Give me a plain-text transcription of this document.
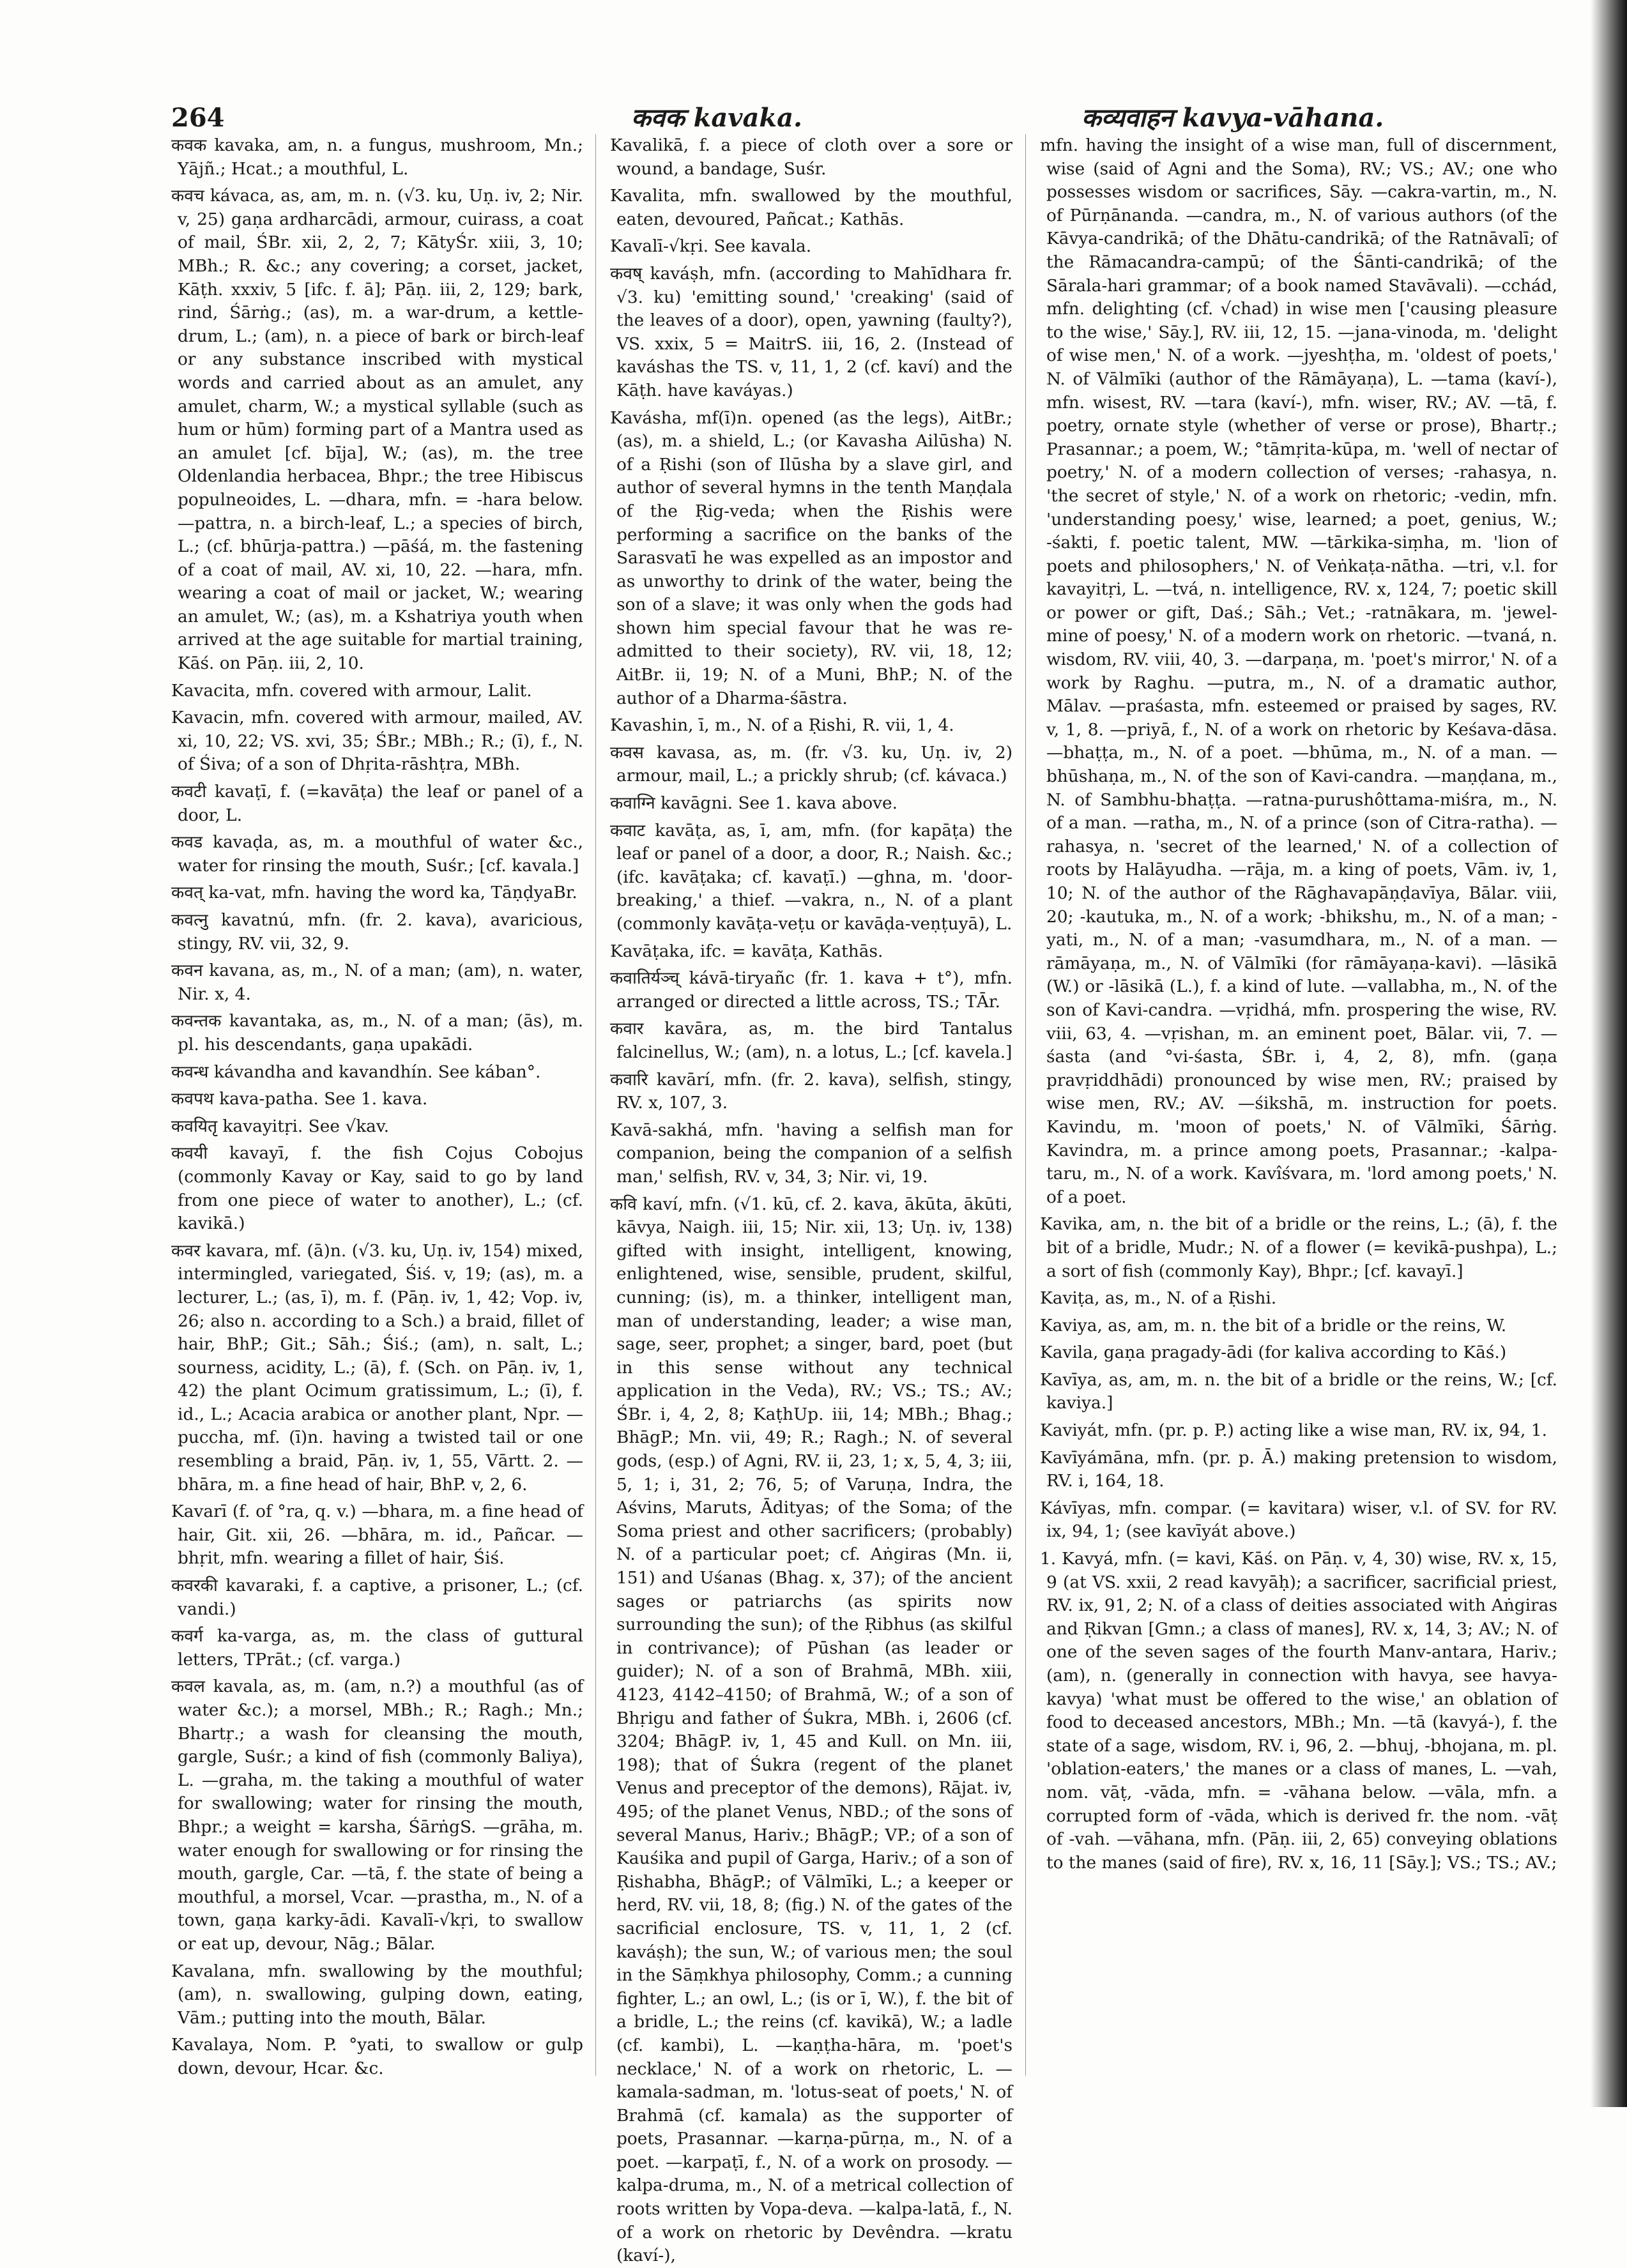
264	कवक kavaka.	कव्यवाहन kavya-vāhana.

कवक kavaka, am, n. a fungus, mushroom, Mn.; Yājñ.; Hcat.; a mouthful, L.

कवच kávaca, as, am, m. n. (√3. ku, Uṇ. iv, 2; Nir. v, 25) gaṇa ardharcādi, armour, cuirass, a coat of mail, ŚBr. xii, 2, 2, 7; KātyŚr. xiii, 3, 10; MBh.; R. &c.; any covering; a corset, jacket, Kāṭh. xxxiv, 5 [ifc. f. ā]; Pāṇ. iii, 2, 129; bark, rind, Śārṅg.; (as), m. a war-drum, a kettle-drum, L.; (am), n. a piece of bark or birch-leaf or any substance inscribed with mystical words and carried about as an amulet, any amulet, charm, W.; a mystical syllable (such as hum or hūm) forming part of a Mantra used as an amulet [cf. bīja], W.; (as), m. the tree Oldenlandia herbacea, Bhpr.; the tree Hibiscus populneoides, L. —dhara, mfn. = -hara below. —pattra, n. a birch-leaf, L.; a species of birch, L.; (cf. bhūrja-pattra.) —pāśá, m. the fastening of a coat of mail, AV. xi, 10, 22. —hara, mfn. wearing a coat of mail or jacket, W.; wearing an amulet, W.; (as), m. a Kshatriya youth when arrived at the age suitable for martial training, Kāś. on Pāṇ. iii, 2, 10.

Kavacita, mfn. covered with armour, Lalit.

Kavacin, mfn. covered with armour, mailed, AV. xi, 10, 22; VS. xvi, 35; ŚBr.; MBh.; R.; (ī), f., N. of Śiva; of a son of Dhṛita-rāshṭra, MBh.

कवटी kavaṭī, f. (=kavāṭa) the leaf or panel of a door, L.

कवड kavaḍa, as, m. a mouthful of water &c., water for rinsing the mouth, Suśr.; [cf. kavala.]

कवत् ka-vat, mfn. having the word ka, TāṇḍyaBr.

कवत्नु kavatnú, mfn. (fr. 2. kava), avaricious, stingy, RV. vii, 32, 9.

कवन kavana, as, m., N. of a man; (am), n. water, Nir. x, 4.

कवन्तक kavantaka, as, m., N. of a man; (ās), m. pl. his descendants, gaṇa upakādi.

कवन्ध kávandha and kavandhín. See kában°.

कवपथ kava-patha. See 1. kava.

कवयितृ kavayitṛi. See √kav.

कवयी kavayī, f. the fish Cojus Cobojus (commonly Kavay or Kay, said to go by land from one piece of water to another), L.; (cf. kavikā.)

कवर kavara, mf. (ā)n. (√3. ku, Uṇ. iv, 154) mixed, intermingled, variegated, Śiś. v, 19; (as), m. a lecturer, L.; (as, ī), m. f. (Pāṇ. iv, 1, 42; Vop. iv, 26; also n. according to a Sch.) a braid, fillet of hair, BhP.; Git.; Sāh.; Śiś.; (am), n. salt, L.; sourness, acidity, L.; (ā), f. (Sch. on Pāṇ. iv, 1, 42) the plant Ocimum gratissimum, L.; (ī), f. id., L.; Acacia arabica or another plant, Npr. —puccha, mf. (ī)n. having a twisted tail or one resembling a braid, Pāṇ. iv, 1, 55, Vārtt. 2. —bhāra, m. a fine head of hair, BhP. v, 2, 6.

Kavarī (f. of °ra, q. v.) —bhara, m. a fine head of hair, Git. xii, 26. —bhāra, m. id., Pañcar. —bhṛit, mfn. wearing a fillet of hair, Śiś.

कवरकी kavaraki, f. a captive, a prisoner, L.; (cf. vandi.)

कवर्ग ka-varga, as, m. the class of guttural letters, TPrāt.; (cf. varga.)

कवल kavala, as, m. (am, n.?) a mouthful (as of water &c.); a morsel, MBh.; R.; Ragh.; Mn.; Bhartṛ.; a wash for cleansing the mouth, gargle, Suśr.; a kind of fish (commonly Baliya), L. —graha, m. the taking a mouthful of water for swallowing; water for rinsing the mouth, Bhpr.; a weight = karsha, ŚārṅgS. —grāha, m. water enough for swallowing or for rinsing the mouth, gargle, Car. —tā, f. the state of being a mouthful, a morsel, Vcar. —prastha, m., N. of a town, gaṇa karky-ādi. Kavalī-√kṛi, to swallow or eat up, devour, Nāg.; Bālar.

Kavalana, mfn. swallowing by the mouthful; (am), n. swallowing, gulping down, eating, Vām.; putting into the mouth, Bālar.

Kavalaya, Nom. P. °yati, to swallow or gulp down, devour, Hcar. &c.

Kavalikā, f. a piece of cloth over a sore or wound, a bandage, Suśr.

Kavalita, mfn. swallowed by the mouthful, eaten, devoured, Pañcat.; Kathās.

Kavalī-√kṛi. See kavala.

कवष् kaváṣh, mfn. (according to Mahīdhara fr. √3. ku) 'emitting sound,' 'creaking' (said of the leaves of a door), open, yawning (faulty?), VS. xxix, 5 = MaitrS. iii, 16, 2. (Instead of kaváshas the TS. v, 11, 1, 2 (cf. kaví) and the Kāṭh. have kaváyas.)

Kavásha, mf(ī)n. opened (as the legs), AitBr.; (as), m. a shield, L.; (or Kavasha Ailūsha) N. of a Ṛishi (son of Ilūsha by a slave girl, and author of several hymns in the tenth Maṇḍala of the Ṛig-veda; when the Ṛishis were performing a sacrifice on the banks of the Sarasvatī he was expelled as an impostor and as unworthy to drink of the water, being the son of a slave; it was only when the gods had shown him special favour that he was re-admitted to their society), RV. vii, 18, 12; AitBr. ii, 19; N. of a Muni, BhP.; N. of the author of a Dharma-śāstra.

Kavashin, ī, m., N. of a Ṛishi, R. vii, 1, 4.

कवस kavasa, as, m. (fr. √3. ku, Uṇ. iv, 2) armour, mail, L.; a prickly shrub; (cf. kávaca.)

कवाग्नि kavāgni. See 1. kava above.

कवाट kavāṭa, as, ī, am, mfn. (for kapāṭa) the leaf or panel of a door, a door, R.; Naish. &c.; (ifc. kavāṭaka; cf. kavaṭī.) —ghna, m. 'door-breaking,' a thief. —vakra, n., N. of a plant (commonly kavāṭa-veṭu or kavāḍa-veṇṭuyā), L.

Kavāṭaka, ifc. = kavāṭa, Kathās.

कवातिर्यञ्च् kávā-tiryañc (fr. 1. kava + t°), mfn. arranged or directed a little across, TS.; TĀr.

कवार kavāra, as, m. the bird Tantalus falcinellus, W.; (am), n. a lotus, L.; [cf. kavela.]

कवारि kavārí, mfn. (fr. 2. kava), selfish, stingy, RV. x, 107, 3.

Kavā-sakhá, mfn. 'having a selfish man for companion, being the companion of a selfish man,' selfish, RV. v, 34, 3; Nir. vi, 19.

कवि kaví, mfn. (√1. kū, cf. 2. kava, ākūta, ākūti, kāvya, Naigh. iii, 15; Nir. xii, 13; Uṇ. iv, 138) gifted with insight, intelligent, knowing, enlightened, wise, sensible, prudent, skilful, cunning; (is), m. a thinker, intelligent man, man of understanding, leader; a wise man, sage, seer, prophet; a singer, bard, poet (but in this sense without any technical application in the Veda), RV.; VS.; TS.; AV.; ŚBr. i, 4, 2, 8; KaṭhUp. iii, 14; MBh.; Bhag.; BhāgP.; Mn. vii, 49; R.; Ragh.; N. of several gods, (esp.) of Agni, RV. ii, 23, 1; x, 5, 4, 3; iii, 5, 1; i, 31, 2; 76, 5; of Varuṇa, Indra, the Aśvins, Maruts, Ādityas; of the Soma; of the Soma priest and other sacrificers; (probably) N. of a particular poet; cf. Aṅgiras (Mn. ii, 151) and Uśanas (Bhag. x, 37); of the ancient sages or patriarchs (as spirits now surrounding the sun); of the Ṛibhus (as skilful in contrivance); of Pūshan (as leader or guider); N. of a son of Brahmā, MBh. xiii, 4123, 4142–4150; of Brahmā, W.; of a son of Bhṛigu and father of Śukra, MBh. i, 2606 (cf. 3204; BhāgP. iv, 1, 45 and Kull. on Mn. iii, 198); that of Śukra (regent of the planet Venus and preceptor of the demons), Rājat. iv, 495; of the planet Venus, NBD.; of the sons of several Manus, Hariv.; BhāgP.; VP.; of a son of Kauśika and pupil of Garga, Hariv.; of a son of Ṛishabha, BhāgP.; of Vālmīki, L.; a keeper or herd, RV. vii, 18, 8; (fig.) N. of the gates of the sacrificial enclosure, TS. v, 11, 1, 2 (cf. kaváṣh); the sun, W.; of various men; the soul in the Sāṃkhya philosophy, Comm.; a cunning fighter, L.; an owl, L.; (is or ī, W.), f. the bit of a bridle, L.; the reins (cf. kavikā), W.; a ladle (cf. kambi), L. —kaṇṭha-hāra, m. 'poet's necklace,' N. of a work on rhetoric, L. —kamala-sadman, m. 'lotus-seat of poets,' N. of Brahmā (cf. kamala) as the supporter of poets, Prasannar. —karṇa-pūrṇa, m., N. of a poet. —karpaṭī, f., N. of a work on prosody. —kalpa-druma, m., N. of a metrical collection of roots written by Vopa-deva. —kalpa-latā, f., N. of a work on rhetoric by Devêndra. —kratu (kaví-),

mfn. having the insight of a wise man, full of discernment, wise (said of Agni and the Soma), RV.; VS.; AV.; one who possesses wisdom or sacrifices, Sāy. —cakra-vartin, m., N. of Pūrṇānanda. —candra, m., N. of various authors (of the Kāvya-candrikā; of the Dhātu-candrikā; of the Ratnāvalī; of the Rāmacandra-campū; of the Śānti-candrikā; of the Sārala-hari grammar; of a book named Stavāvali). —cchád, mfn. delighting (cf. √chad) in wise men ['causing pleasure to the wise,' Sāy.], RV. iii, 12, 15. —jana-vinoda, m. 'delight of wise men,' N. of a work. —jyeshṭha, m. 'oldest of poets,' N. of Vālmīki (author of the Rāmāyaṇa), L. —tama (kaví-), mfn. wisest, RV. —tara (kaví-), mfn. wiser, RV.; AV. —tā, f. poetry, ornate style (whether of verse or prose), Bhartṛ.; Prasannar.; a poem, W.; °tāmṛita-kūpa, m. 'well of nectar of poetry,' N. of a modern collection of verses; -rahasya, n. 'the secret of style,' N. of a work on rhetoric; -vedin, mfn. 'understanding poesy,' wise, learned; a poet, genius, W.; -śakti, f. poetic talent, MW. —tārkika-siṃha, m. 'lion of poets and philosophers,' N. of Veṅkaṭa-nātha. —tri, v.l. for kavayitṛi, L. —tvá, n. intelligence, RV. x, 124, 7; poetic skill or power or gift, Daś.; Sāh.; Vet.; -ratnākara, m. 'jewel-mine of poesy,' N. of a modern work on rhetoric. —tvaná, n. wisdom, RV. viii, 40, 3. —darpaṇa, m. 'poet's mirror,' N. of a work by Raghu. —putra, m., N. of a dramatic author, Mālav. —praśasta, mfn. esteemed or praised by sages, RV. v, 1, 8. —priyā, f., N. of a work on rhetoric by Keśava-dāsa. —bhaṭṭa, m., N. of a poet. —bhūma, m., N. of a man. —bhūshaṇa, m., N. of the son of Kavi-candra. —maṇḍana, m., N. of Sambhu-bhaṭṭa. —ratna-purushôttama-miśra, m., N. of a man. —ratha, m., N. of a prince (son of Citra-ratha). —rahasya, n. 'secret of the learned,' N. of a collection of roots by Halāyudha. —rāja, m. a king of poets, Vām. iv, 1, 10; N. of the author of the Rāghavapāṇḍavīya, Bālar. viii, 20; -kautuka, m., N. of a work; -bhikshu, m., N. of a man; -yati, m., N. of a man; -vasumdhara, m., N. of a man. —rāmāyaṇa, m., N. of Vālmīki (for rāmāyaṇa-kavi). —lāsikā (W.) or -lāsikā (L.), f. a kind of lute. —vallabha, m., N. of the son of Kavi-candra. —vṛidhá, mfn. prospering the wise, RV. viii, 63, 4. —vṛishan, m. an eminent poet, Bālar. vii, 7. —śasta (and °vi-śasta, ŚBr. i, 4, 2, 8), mfn. (gaṇa pravṛiddhādi) pronounced by wise men, RV.; praised by wise men, RV.; AV. —śikshā, m. instruction for poets. Kavindu, m. 'moon of poets,' N. of Vālmīki, Śārṅg. Kavindra, m. a prince among poets, Prasannar.; -kalpa-taru, m., N. of a work. Kavîśvara, m. 'lord among poets,' N. of a poet.

Kavika, am, n. the bit of a bridle or the reins, L.; (ā), f. the bit of a bridle, Mudr.; N. of a flower (= kevikā-pushpa), L.; a sort of fish (commonly Kay), Bhpr.; [cf. kavayī.]

Kaviṭa, as, m., N. of a Ṛishi.

Kaviya, as, am, m. n. the bit of a bridle or the reins, W.

Kavila, gaṇa pragady-ādi (for kaliva according to Kāś.)

Kavīya, as, am, m. n. the bit of a bridle or the reins, W.; [cf. kaviya.]

Kaviyát, mfn. (pr. p. P.) acting like a wise man, RV. ix, 94, 1.

Kavīyámāna, mfn. (pr. p. Ā.) making pretension to wisdom, RV. i, 164, 18.

Kávīyas, mfn. compar. (= kavitara) wiser, v.l. of SV. for RV. ix, 94, 1; (see kavīyát above.)

1. Kavyá, mfn. (= kavi, Kāś. on Pāṇ. v, 4, 30) wise, RV. x, 15, 9 (at VS. xxii, 2 read kavyāḥ); a sacrificer, sacrificial priest, RV. ix, 91, 2; N. of a class of deities associated with Aṅgiras and Ṛikvan [Gmn.; a class of manes], RV. x, 14, 3; AV.; N. of one of the seven sages of the fourth Manv-antara, Hariv.; (am), n. (generally in connection with havya, see havya-kavya) 'what must be offered to the wise,' an oblation of food to deceased ancestors, MBh.; Mn. —tā (kavyá-), f. the state of a sage, wisdom, RV. i, 96, 2. —bhuj, -bhojana, m. pl. 'oblation-eaters,' the manes or a class of manes, L. —vah, nom. vāṭ, -vāda, mfn. = -vāhana below. —vāla, mfn. a corrupted form of -vāda, which is derived fr. the nom. -vāṭ of -vah. —vāhana, mfn. (Pāṇ. iii, 2, 65) conveying oblations to the manes (said of fire), RV. x, 16, 11 [Sāy.]; VS.; TS.; AV.;
